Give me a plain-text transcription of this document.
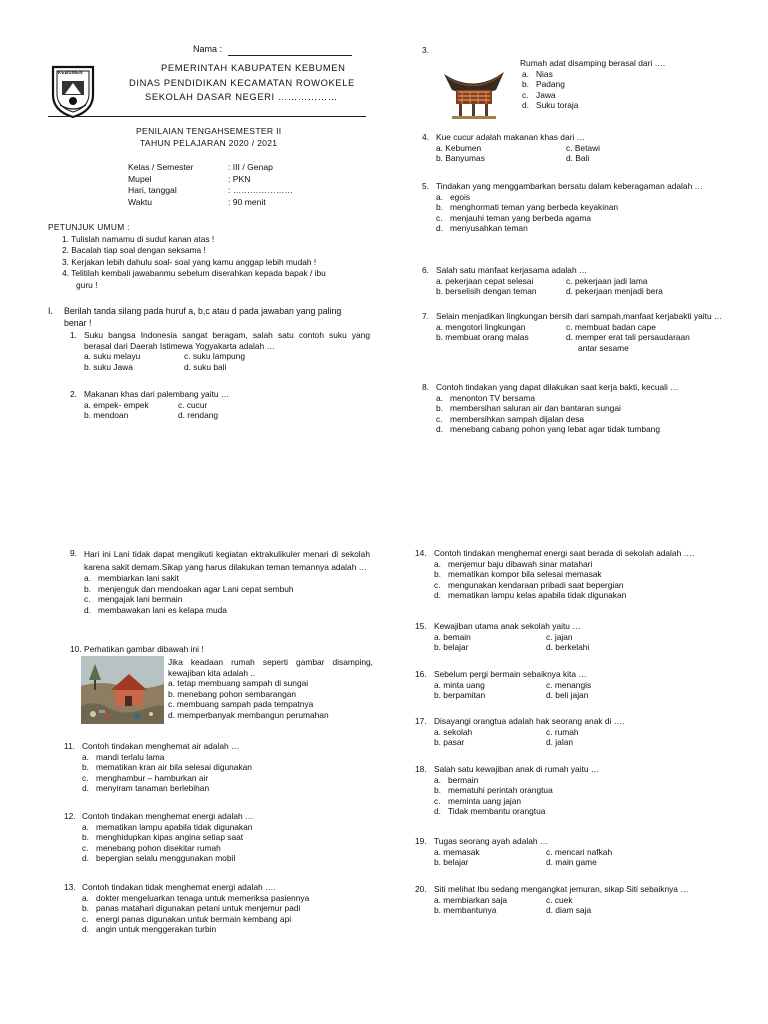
Nama :
KEBUMEN	PEMERINTAH KABUPATEN KEBUMEN
DINAS PENDIDIKAN KECAMATAN ROWOKELE
SEKOLAH DASAR NEGERI ………………
PENILAIAN TENGAHSEMESTER II
TAHUN PELAJARAN 2020 / 2021
Kelas / Semester	: III / Genap
Mupel	: PKN
Hari, tanggal	: …………………
Waktu	: 90 menit
PETUNJUK UMUM :
1. Tulislah namamu di sudut kanan atas !
2. Bacalah tiap soal dengan seksama !
3. Kerjakan lebih dahulu soal- soal yang kamu anggap lebih mudah !
4. Telitilah kembali jawabanmu sebelum diserahkan kepada bapak / ibu
guru !
I. Berilah tanda silang pada huruf a, b,c atau d pada jawaban yang paling
benar !
1. Suku bangsa Indonesia sangat beragam, salah satu contoh suku yang berasal dari Daerah Istimewa Yogyakarta adalah …
a. suku melayu	c. suku lampung
b. suku Jawa	d. suku bali
2. Makanan khas dari palembang yaitu …
a. empek- empek	c. cucur
b. mendoan	d. rendang
3.
Rumah adat disamping berasal dari ….
a. Nias
b. Padang
c. Jawa
d. Suku toraja
4. Kue cucur adalah makanan khas dari …
a. Kebumen	c. Betawi
b. Banyumas	d. Bali
5. Tindakan yang menggambarkan bersatu dalam keberagaman adalah …
a. egois
b. menghormati teman yang berbeda keyakinan
c. menjauhi teman yang berbeda agama
d. menyusahkan teman
6. Salah satu manfaat kerjasama adalah …
a. pekerjaan cepat selesai	c. pekerjaan jadi lama
b. berselisih dengan teman	d. pekerjaan menjadi bera
7. Selain menjadikan lingkungan bersih dari sampah,manfaat kerjabakti yaitu …
a. mengotori lingkungan	c. membuat badan cape
b. membuat orang malas	d. memper erat tali persaudaraan
antar sesame
8. Contoh tindakan yang dapat dilakukan saat kerja bakti, kecuali …
a. menonton TV bersama
b. membersihan saluran air dan bantaran sungai
c. membersihkan sampah dijalan desa
d. menebang cabang pohon yang lebat agar tidak tumbang
9. Hari ini Lani tidak dapat mengikuti kegiatan ektrakulikuler menari di sekolah karena sakit demam.Sikap yang harus dilakukan teman temannya adalah …
a. membiarkan lani sakit
b. menjenguk dan mendoakan agar Lani cepat sembuh
c. mengajak lani bermain
d. membawakan lani es kelapa muda
10. Perhatikan gambar dibawah ini !
Jika keadaan rumah seperti gambar disamping, kewajiban kita adalah ..
a. tetap membuang sampah di sungai
b. menebang pohon sembarangan
c. membuang sampah pada tempatnya
d. memperbanyak membangun perumahan
11. Contoh tindakan menghemat air adalah …
a. mandi terlalu lama
b. mematikan kran air bila selesai digunakan
c. menghambur – hamburkan air
d. menyiram tanaman berlebihan
12. Contoh tindakan menghemat energi adalah …
a. mematikan lampu apabila tidak digunakan
b. menghidupkan kipas angina setiap saat
c. menebang pohon disekitar rumah
d. bepergian selalu menggunakan mobil
13. Contoh tindakan tidak menghemat energi adalah ….
a. dokter mengeluarkan tenaga untuk memeriksa pasiennya
b. panas matahari digunakan petani untuk menjemur padi
c. energi panas digunakan untuk bermain kembang api
d. angin untuk menggerakan turbin
14. Contoh tindakan menghemat energi saat berada di sekolah adalah ….
a. menjemur baju dibawah sinar matahari
b. mematikan kompor bila selesai memasak
c. mengunakan kendaraan pribadi saat bepergian
d. mematikan lampu kelas apabila tidak digunakan
15. Kewajiban utama anak sekolah yaitu …
a. bemain	c. jajan
b. belajar	d. berkelahi
16. Sebelum pergi bermain sebaiknya kita …
a. minta uang	c. menangis
b. berpamitan	d. beli jajan
17. Disayangi orangtua adalah hak seorang anak di ….
a. sekolah	c. rumah
b. pasar	d. jalan
18. Salah satu kewajiban anak di rumah yaitu …
a. bermain
b. mematuhi perintah orangtua
c. meminta uang jajan
d. Tidak membantu orangtua
19. Tugas seorang ayah adalah …
a. memasak	c. mencari nafkah
b. belajar	d. main game
20. Siti melihat Ibu sedang mengangkat jemuran, sikap Siti sebaiknya …
a. membiarkan saja	c. cuek
b. membantunya	d. diam saja
